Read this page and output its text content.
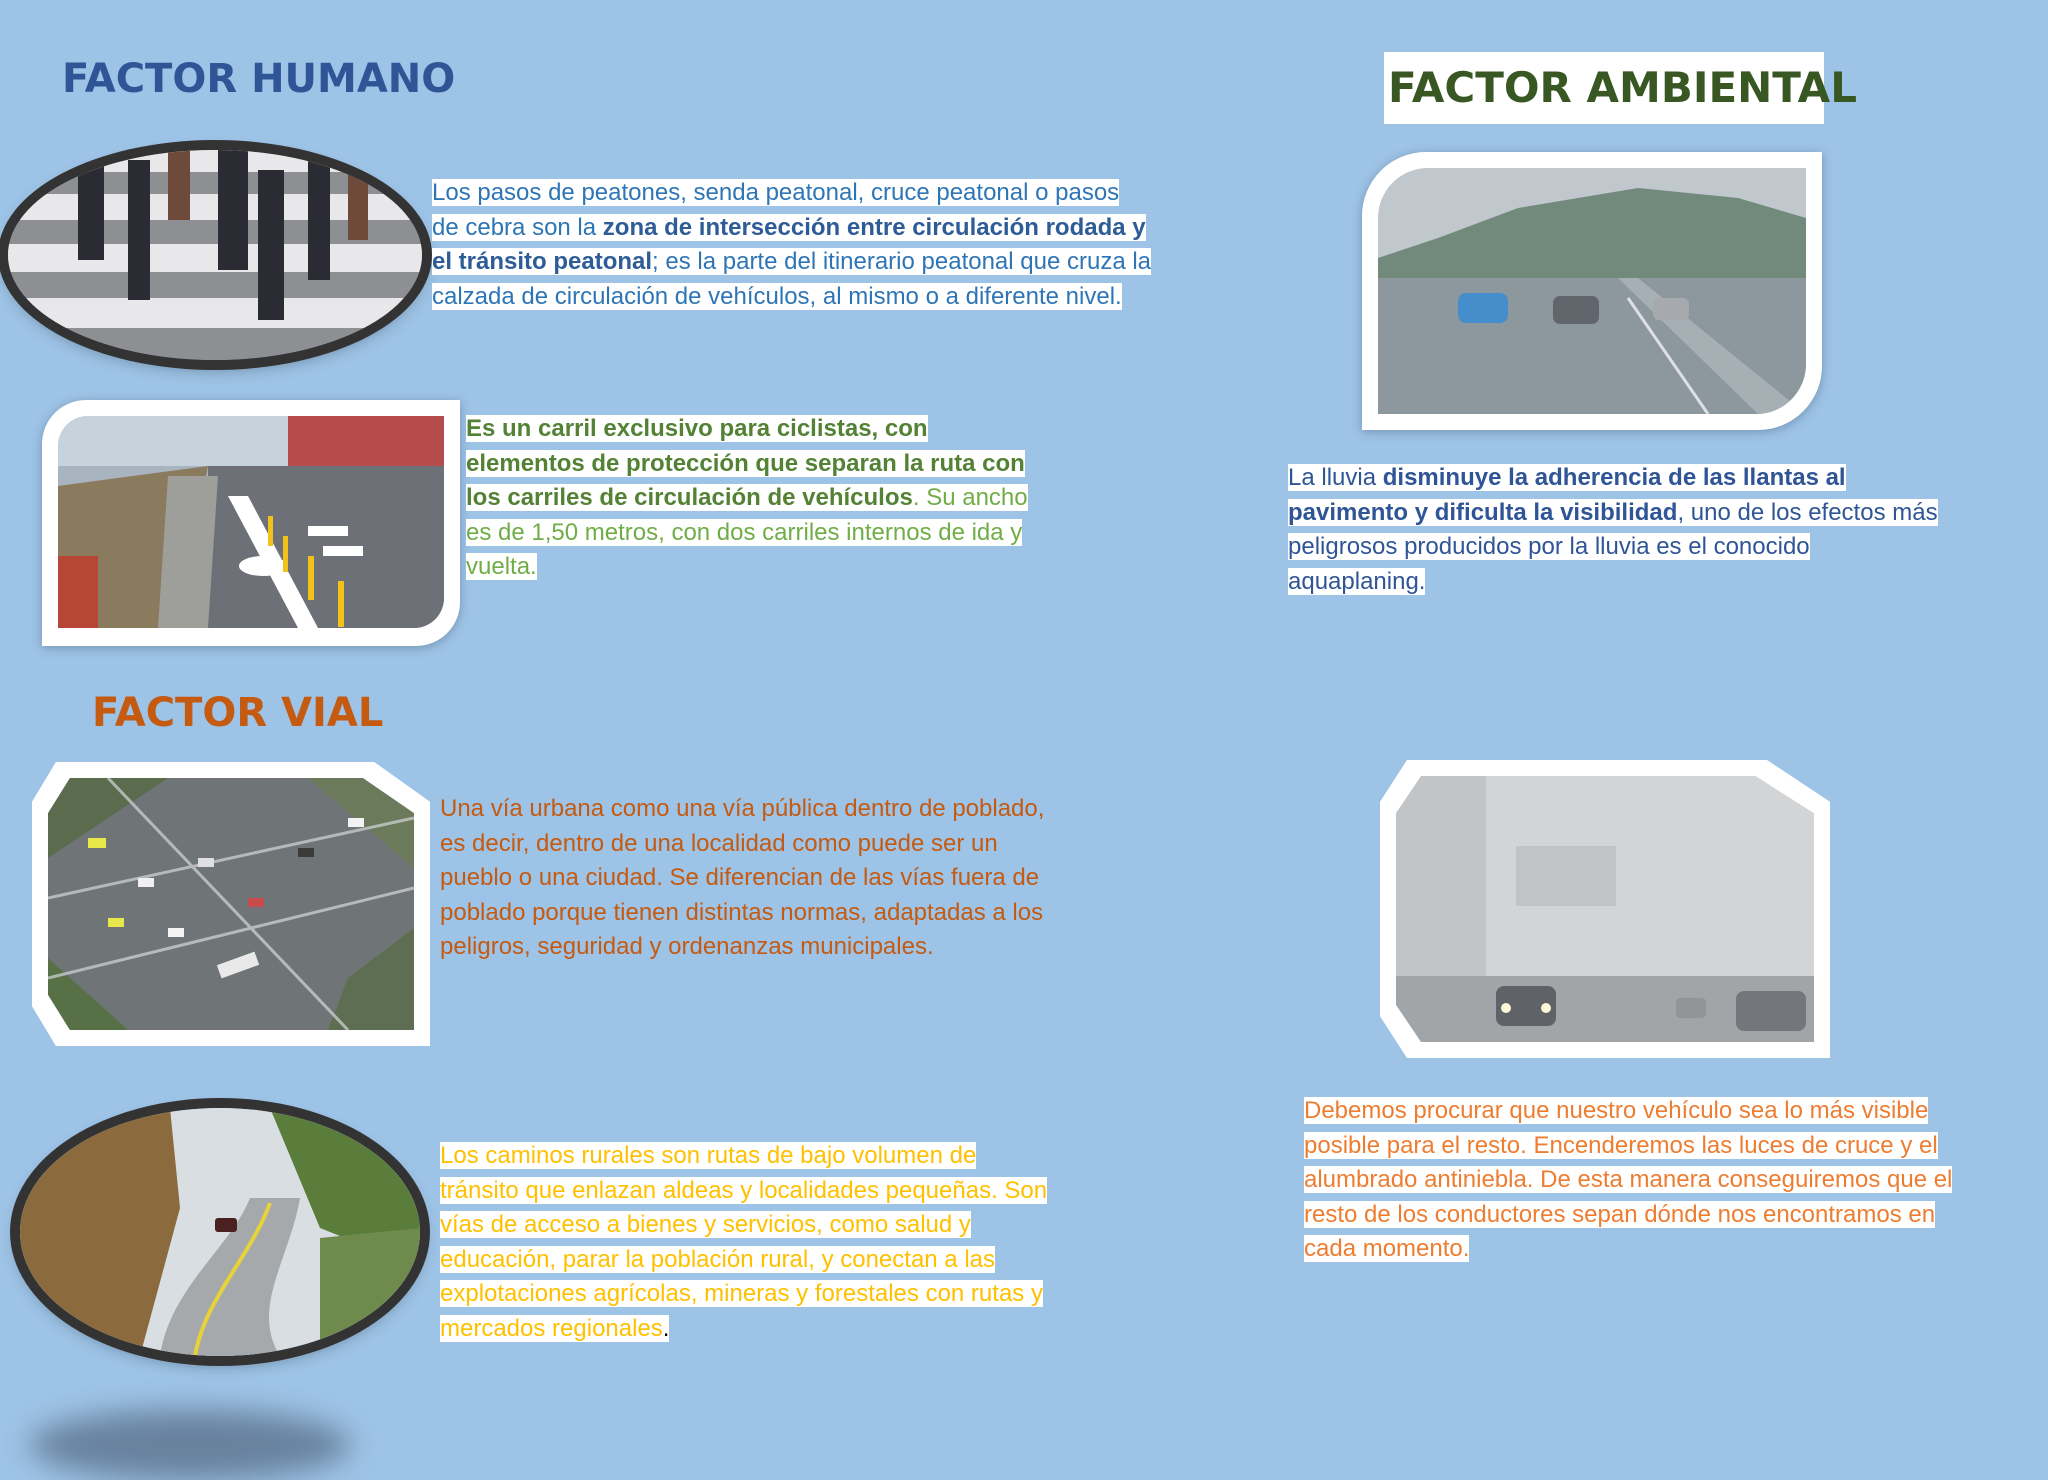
FACTOR HUMANO
FACTOR VIAL
FACTOR AMBIENTAL
Los pasos de peatones, senda peatonal, cruce peatonal o pasos de cebra son la zona de intersección entre circulación rodada y el tránsito peatonal; es la parte del itinerario peatonal que cruza la calzada de circulación de vehículos, al mismo o a diferente nivel.
Es un carril exclusivo para ciclistas, con elementos de protección que separan la ruta con los carriles de circulación de vehículos. Su ancho es de 1,50 metros, con dos carriles internos de ida y vuelta.
La lluvia disminuye la adherencia de las llantas al pavimento y dificulta la visibilidad, uno de los efectos más peligrosos producidos por la lluvia es el conocido aquaplaning.
Una vía urbana como una vía pública dentro de poblado, es decir, dentro de una localidad como puede ser un pueblo o una ciudad. Se diferencian de las vías fuera de poblado porque tienen distintas normas, adaptadas a los peligros, seguridad y ordenanzas municipales.
Debemos procurar que nuestro vehículo sea lo más visible posible para el resto. Encenderemos las luces de cruce y el alumbrado antiniebla. De esta manera conseguiremos que el resto de los conductores sepan dónde nos encontramos en cada momento.
Los caminos rurales son rutas de bajo volumen de tránsito que enlazan aldeas y localidades pequeñas. Son vías de acceso a bienes y servicios, como salud y educación, parar la población rural, y conectan a las explotaciones agrícolas, mineras y forestales con rutas y mercados regionales.
